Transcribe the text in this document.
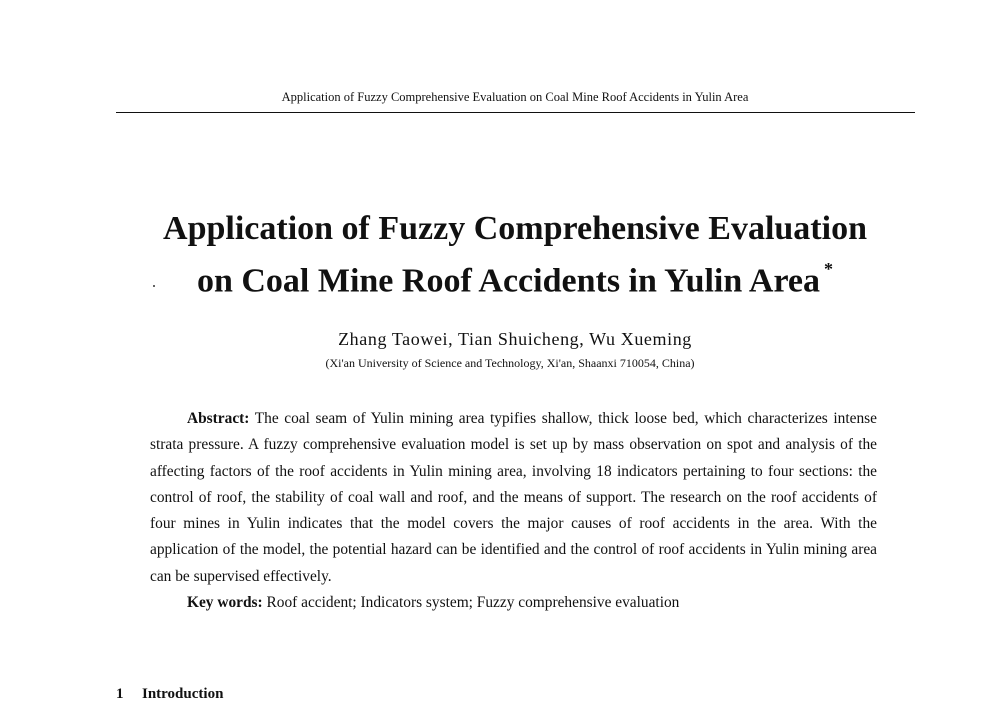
Application of Fuzzy Comprehensive Evaluation on Coal Mine Roof Accidents in Yulin Area
Application of Fuzzy Comprehensive Evaluation
on Coal Mine Roof Accidents in Yulin Area *
Zhang Taowei, Tian Shuicheng, Wu Xueming
(Xi'an University of Science and Technology, Xi'an, Shaanxi 710054, China)

Abstract: The coal seam of Yulin mining area typifies shallow, thick loose bed, which characterizes intense strata pressure. A fuzzy comprehensive evaluation model is set up by mass observation on spot and analysis of the affecting factors of the roof accidents in Yulin mining area, involving 18 indicators pertaining to four sections: the control of roof, the stability of coal wall and roof, and the means of support. The research on the roof accidents of four mines in Yulin indicates that the model covers the major causes of roof accidents in the area. With the application of the model, the potential hazard can be identified and the control of roof accidents in Yulin mining area can be supervised effectively.

Key words: Roof accident; Indicators system; Fuzzy comprehensive evaluation

1 Introduction
